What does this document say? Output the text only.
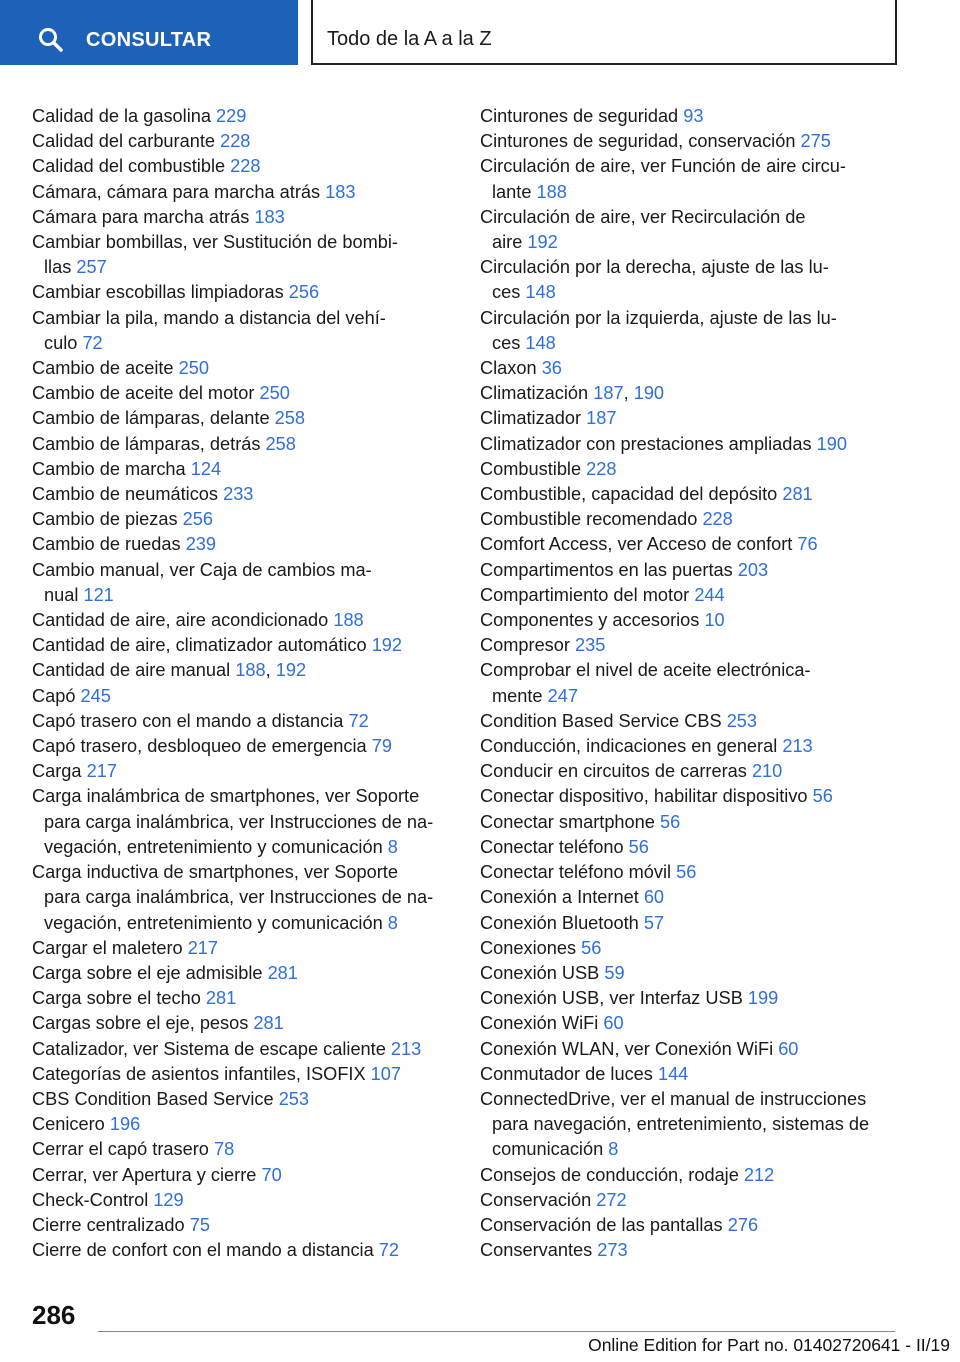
CONSULTAR	Todo de la A a la Z
Calidad de la gasolina 229
Calidad del carburante 228
Calidad del combustible 228
Cámara, cámara para marcha atrás 183
Cámara para marcha atrás 183
Cambiar bombillas, ver Sustitución de bombi-
llas 257
Cambiar escobillas limpiadoras 256
Cambiar la pila, mando a distancia del vehí-
culo 72
Cambio de aceite 250
Cambio de aceite del motor 250
Cambio de lámparas, delante 258
Cambio de lámparas, detrás 258
Cambio de marcha 124
Cambio de neumáticos 233
Cambio de piezas 256
Cambio de ruedas 239
Cambio manual, ver Caja de cambios ma-
nual 121
Cantidad de aire, aire acondicionado 188
Cantidad de aire, climatizador automático 192
Cantidad de aire manual 188, 192
Capó 245
Capó trasero con el mando a distancia 72
Capó trasero, desbloqueo de emergencia 79
Carga 217
Carga inalámbrica de smartphones, ver Soporte
para carga inalámbrica, ver Instrucciones de na-
vegación, entretenimiento y comunicación 8
Carga inductiva de smartphones, ver Soporte
para carga inalámbrica, ver Instrucciones de na-
vegación, entretenimiento y comunicación 8
Cargar el maletero 217
Carga sobre el eje admisible 281
Carga sobre el techo 281
Cargas sobre el eje, pesos 281
Catalizador, ver Sistema de escape caliente 213
Categorías de asientos infantiles, ISOFIX 107
CBS Condition Based Service 253
Cenicero 196
Cerrar el capó trasero 78
Cerrar, ver Apertura y cierre 70
Check-Control 129
Cierre centralizado 75
Cierre de confort con el mando a distancia 72
Cinturones de seguridad 93
Cinturones de seguridad, conservación 275
Circulación de aire, ver Función de aire circu-
lante 188
Circulación de aire, ver Recirculación de
aire 192
Circulación por la derecha, ajuste de las lu-
ces 148
Circulación por la izquierda, ajuste de las lu-
ces 148
Claxon 36
Climatización 187, 190
Climatizador 187
Climatizador con prestaciones ampliadas 190
Combustible 228
Combustible, capacidad del depósito 281
Combustible recomendado 228
Comfort Access, ver Acceso de confort 76
Compartimentos en las puertas 203
Compartimiento del motor 244
Componentes y accesorios 10
Compresor 235
Comprobar el nivel de aceite electrónica-
mente 247
Condition Based Service CBS 253
Conducción, indicaciones en general 213
Conducir en circuitos de carreras 210
Conectar dispositivo, habilitar dispositivo 56
Conectar smartphone 56
Conectar teléfono 56
Conectar teléfono móvil 56
Conexión a Internet 60
Conexión Bluetooth 57
Conexiones 56
Conexión USB 59
Conexión USB, ver Interfaz USB 199
Conexión WiFi 60
Conexión WLAN, ver Conexión WiFi 60
Conmutador de luces 144
ConnectedDrive, ver el manual de instrucciones
para navegación, entretenimiento, sistemas de
comunicación 8
Consejos de conducción, rodaje 212
Conservación 272
Conservación de las pantallas 276
Conservantes 273
286
Online Edition for Part no. 01402720641 - II/19
